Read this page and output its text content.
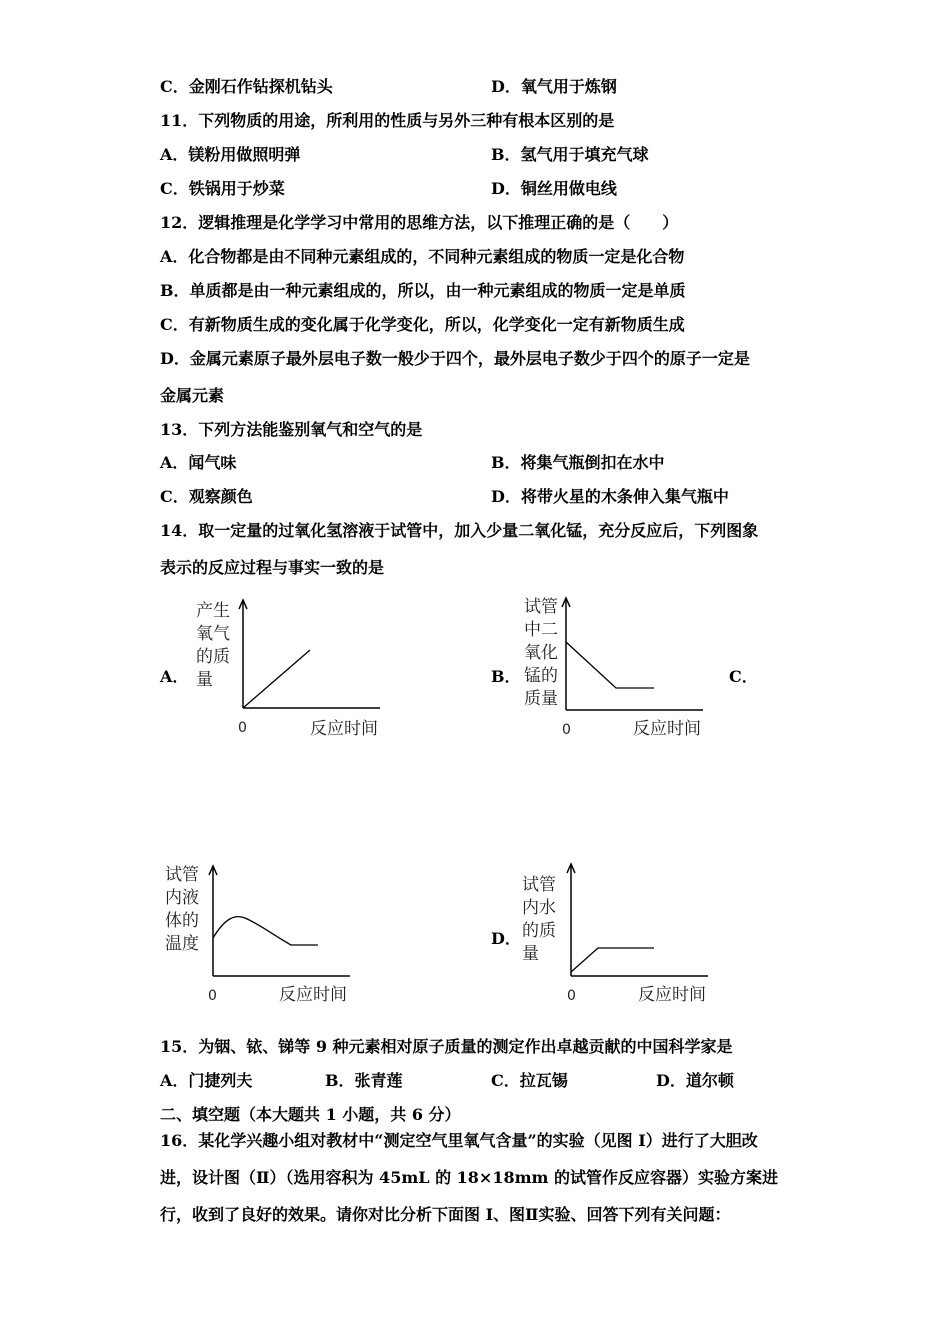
C．金刚石作钻探机钻头	D．氧气用于炼钢
11．下列物质的用途，所利用的性质与另外三种有根本区别的是
A．镁粉用做照明弹	B．氢气用于填充气球
C．铁锅用于炒菜	D．铜丝用做电线
12．逻辑推理是化学学习中常用的思维方法，以下推理正确的是（　　）
A．化合物都是由不同种元素组成的，不同种元素组成的物质一定是化合物
B．单质都是由一种元素组成的，所以，由一种元素组成的物质一定是单质
C．有新物质生成的变化属于化学变化，所以，化学变化一定有新物质生成
D．金属元素原子最外层电子数一般少于四个，最外层电子数少于四个的原子一定是
金属元素
13．下列方法能鉴别氧气和空气的是
A．闻气味	B．将集气瓶倒扣在水中
C．观察颜色	D．将带火星的木条伸入集气瓶中
14．取一定量的过氧化氢溶液于试管中，加入少量二氧化锰，充分反应后，下列图象
表示的反应过程与事实一致的是
A．	B．	C．
D．
产生
氧气
的质
量
0	反应时间
试管
中二
氧化
锰的
质量
0	反应时间
试管
内液
体的
温度
0	反应时间
试管
内水
的质
量
0	反应时间
15．为铟、铱、锑等 9 种元素相对原子质量的测定作出卓越贡献的中国科学家是
A．门捷列夫	B．张青莲	C．拉瓦锡	D．道尔顿
二、填空题（本大题共 1 小题，共 6 分）
16．某化学兴趣小组对教材中“测定空气里氧气含量”的实验（见图 I）进行了大胆改
进，设计图（Ⅱ）（选用容积为 45mL 的 18×18mm 的试管作反应容器）实验方案进
行，收到了良好的效果。请你对比分析下面图 I、图Ⅱ实验、回答下列有关问题：
